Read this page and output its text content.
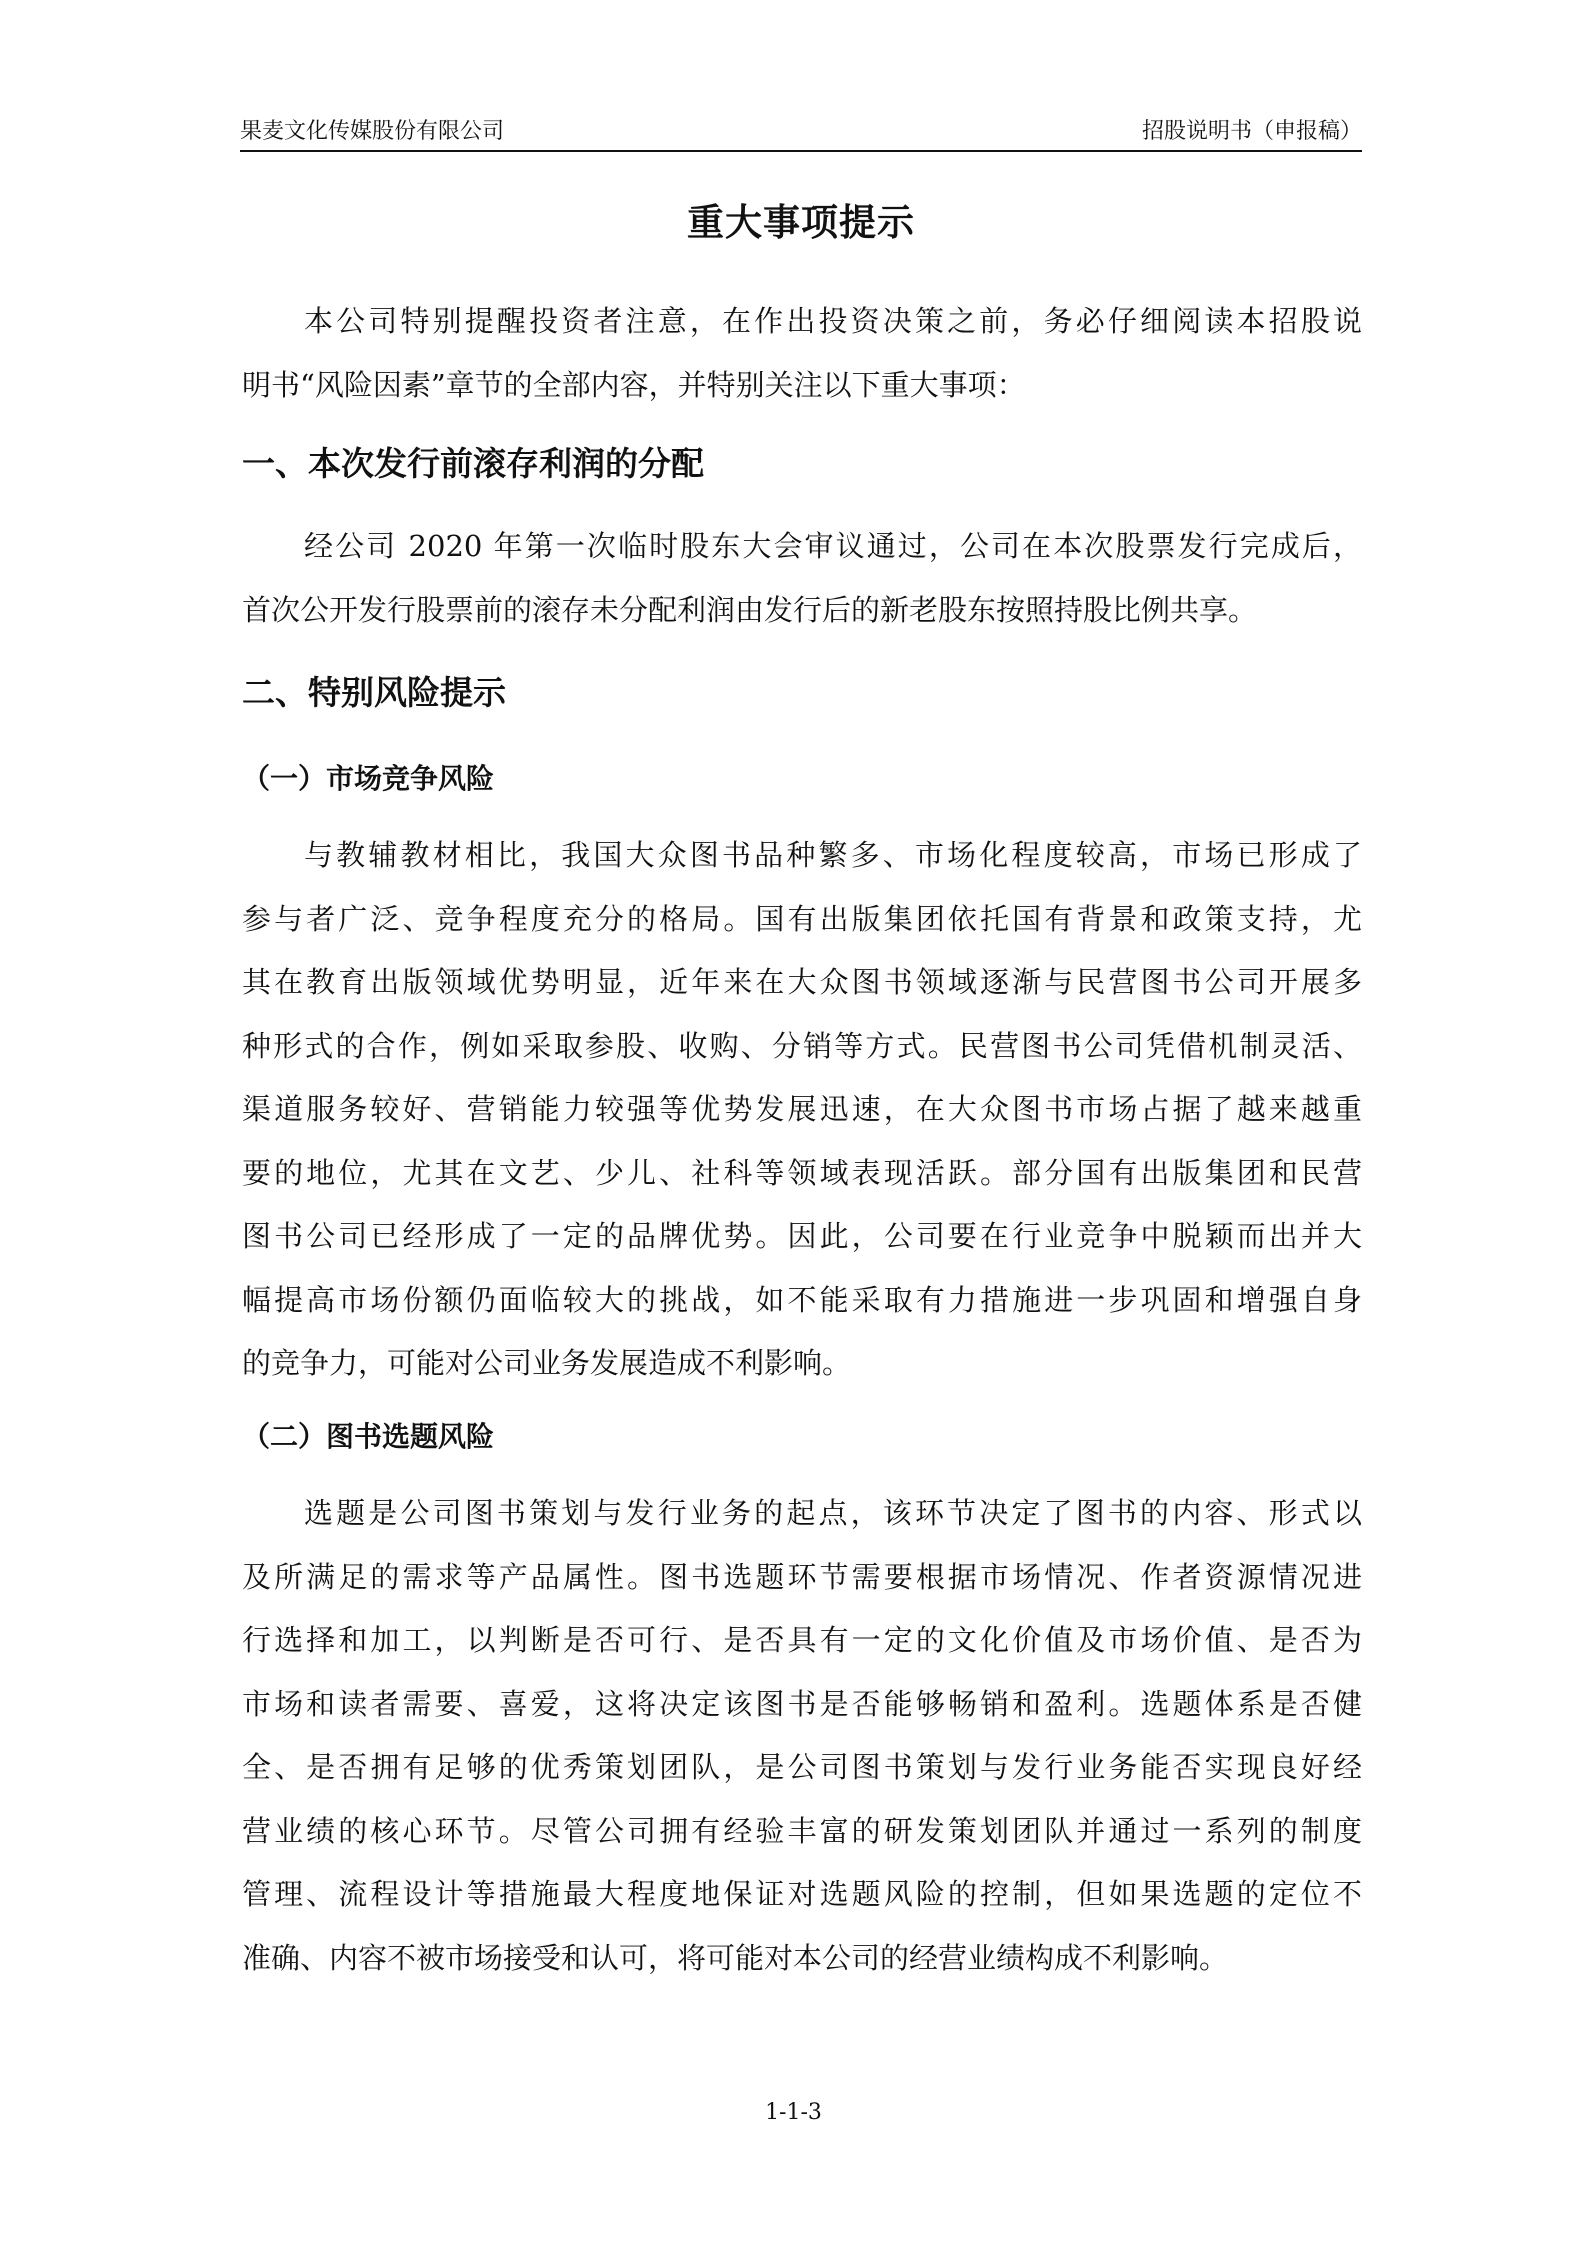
果麦文化传媒股份有限公司	招股说明书（申报稿）
重大事项提示
本公司特别提醒投资者注意，在作出投资决策之前，务必仔细阅读本招股说
明书“风险因素”章节的全部内容，并特别关注以下重大事项：
一、本次发行前滚存利润的分配
经公司 2020 年第一次临时股东大会审议通过，公司在本次股票发行完成后，
首次公开发行股票前的滚存未分配利润由发行后的新老股东按照持股比例共享。
二、特别风险提示
（一）市场竞争风险
与教辅教材相比，我国大众图书品种繁多、市场化程度较高，市场已形成了
参与者广泛、竞争程度充分的格局。国有出版集团依托国有背景和政策支持，尤
其在教育出版领域优势明显，近年来在大众图书领域逐渐与民营图书公司开展多
种形式的合作，例如采取参股、收购、分销等方式。民营图书公司凭借机制灵活、
渠道服务较好、营销能力较强等优势发展迅速，在大众图书市场占据了越来越重
要的地位，尤其在文艺、少儿、社科等领域表现活跃。部分国有出版集团和民营
图书公司已经形成了一定的品牌优势。因此，公司要在行业竞争中脱颖而出并大
幅提高市场份额仍面临较大的挑战，如不能采取有力措施进一步巩固和增强自身
的竞争力，可能对公司业务发展造成不利影响。
（二）图书选题风险
选题是公司图书策划与发行业务的起点，该环节决定了图书的内容、形式以
及所满足的需求等产品属性。图书选题环节需要根据市场情况、作者资源情况进
行选择和加工，以判断是否可行、是否具有一定的文化价值及市场价值、是否为
市场和读者需要、喜爱，这将决定该图书是否能够畅销和盈利。选题体系是否健
全、是否拥有足够的优秀策划团队，是公司图书策划与发行业务能否实现良好经
营业绩的核心环节。尽管公司拥有经验丰富的研发策划团队并通过一系列的制度
管理、流程设计等措施最大程度地保证对选题风险的控制，但如果选题的定位不
准确、内容不被市场接受和认可，将可能对本公司的经营业绩构成不利影响。
1-1-3
